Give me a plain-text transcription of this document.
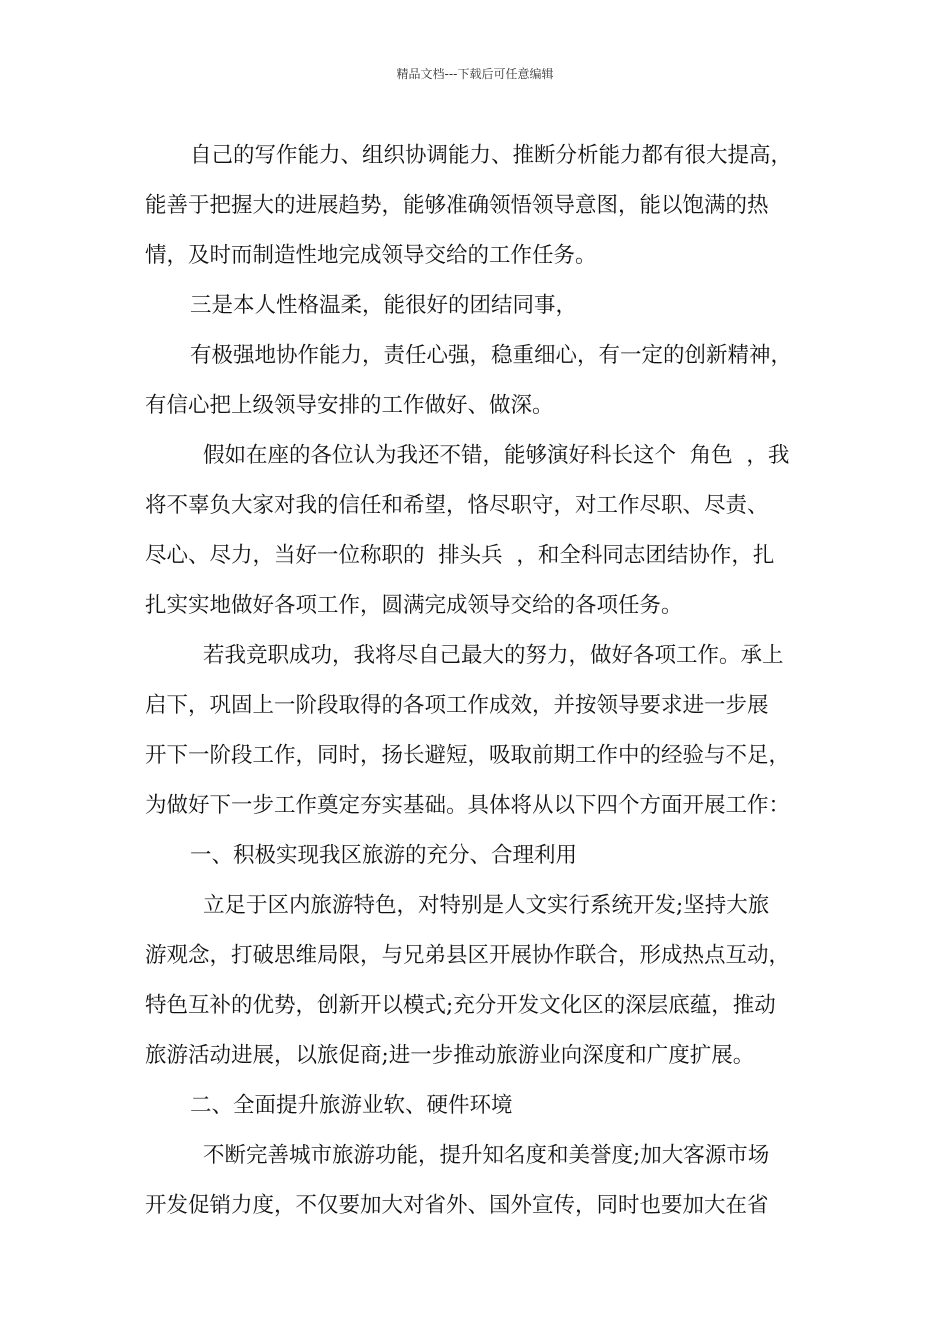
精品文档---下载后可任意编辑
自己的写作能力、组织协调能力、推断分析能力都有很大提高，
能善于把握大的进展趋势，能够准确领悟领导意图，能以饱满的热
情，及时而制造性地完成领导交给的工作任务。
三是本人性格温柔，能很好的团结同事，
有极强地协作能力，责任心强，稳重细心，有一定的创新精神，
有信心把上级领导安排的工作做好、做深。
假如在座的各位认为我还不错，能够演好科长这个  角色  ，我
将不辜负大家对我的信任和希望，恪尽职守，对工作尽职、尽责、
尽心、尽力，当好一位称职的  排头兵  ，和全科同志团结协作，扎
扎实实地做好各项工作，圆满完成领导交给的各项任务。
若我竞职成功，我将尽自己最大的努力，做好各项工作。承上
启下，巩固上一阶段取得的各项工作成效，并按领导要求进一步展
开下一阶段工作，同时，扬长避短，吸取前期工作中的经验与不足，
为做好下一步工作奠定夯实基础。具体将从以下四个方面开展工作：
一、积极实现我区旅游的充分、合理利用
立足于区内旅游特色，对特别是人文实行系统开发;坚持大旅
游观念，打破思维局限，与兄弟县区开展协作联合，形成热点互动，
特色互补的优势，创新开以模式;充分开发文化区的深层底蕴，推动
旅游活动进展，以旅促商;进一步推动旅游业向深度和广度扩展。
二、全面提升旅游业软、硬件环境
不断完善城市旅游功能，提升知名度和美誉度;加大客源市场
开发促销力度，不仅要加大对省外、国外宣传，同时也要加大在省
